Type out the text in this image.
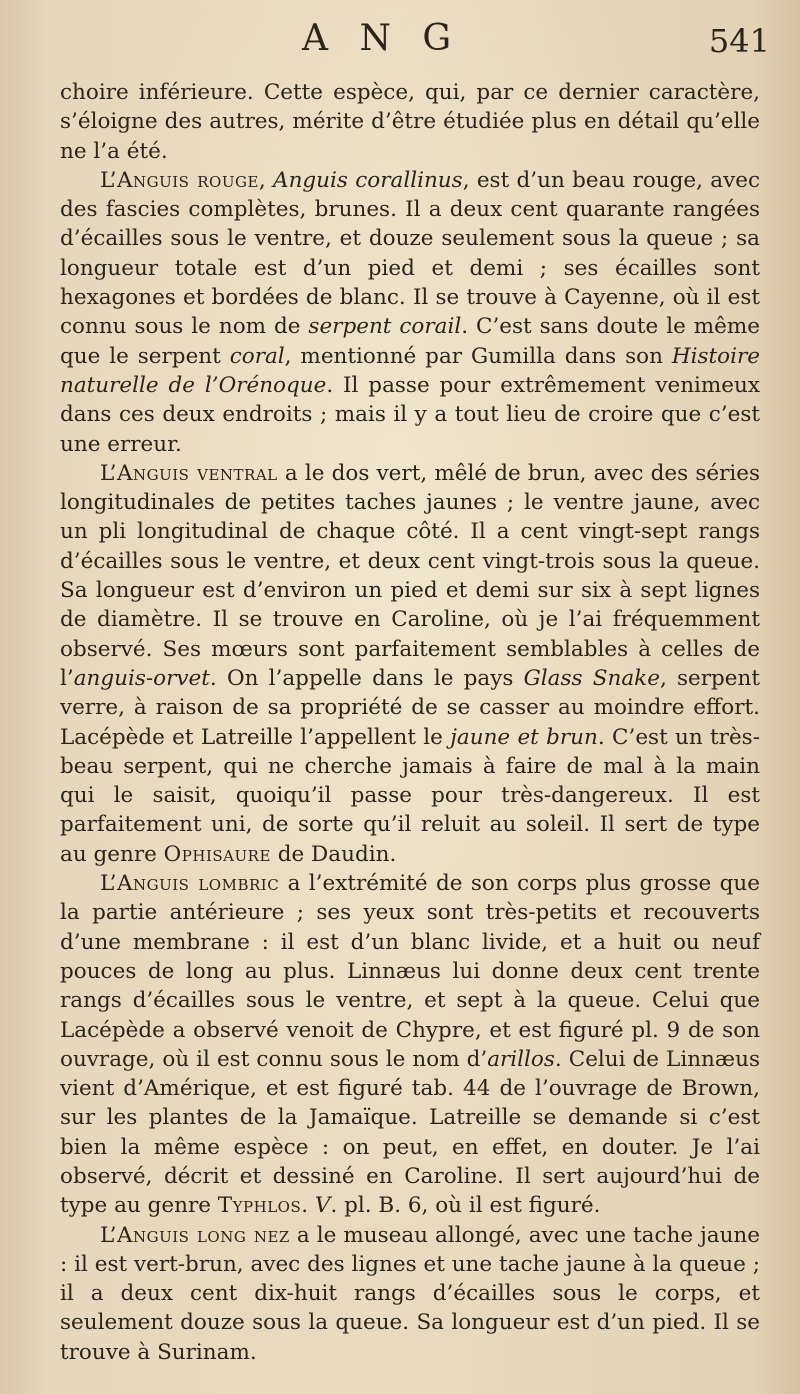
A N G	541

choire inférieure. Cette espèce, qui, par ce dernier caractère, s’éloigne des autres, mérite d’être étudiée plus en détail qu’elle ne l’a été.

L’Anguis rouge, Anguis corallinus, est d’un beau rouge, avec des fascies complètes, brunes. Il a deux cent quarante rangées d’écailles sous le ventre, et douze seulement sous la queue ; sa longueur totale est d’un pied et demi ; ses écailles sont hexagones et bordées de blanc. Il se trouve à Cayenne, où il est connu sous le nom de serpent corail. C’est sans doute le même que le serpent coral, mentionné par Gumilla dans son Histoire naturelle de l’Orénoque. Il passe pour extrêmement venimeux dans ces deux endroits ; mais il y a tout lieu de croire que c’est une erreur.

L’Anguis ventral a le dos vert, mêlé de brun, avec des séries longitudinales de petites taches jaunes ; le ventre jaune, avec un pli longitudinal de chaque côté. Il a cent vingt-sept rangs d’écailles sous le ventre, et deux cent vingt-trois sous la queue. Sa longueur est d’environ un pied et demi sur six à sept lignes de diamètre. Il se trouve en Caroline, où je l’ai fréquemment observé. Ses mœurs sont parfaitement semblables à celles de l’anguis-orvet. On l’appelle dans le pays Glass Snake, serpent verre, à raison de sa propriété de se casser au moindre effort. Lacépède et Latreille l’appellent le jaune et brun. C’est un très-beau serpent, qui ne cherche jamais à faire de mal à la main qui le saisit, quoiqu’il passe pour très-dangereux. Il est parfaitement uni, de sorte qu’il reluit au soleil. Il sert de type au genre Ophisaure de Daudin.

L’Anguis lombric a l’extrémité de son corps plus grosse que la partie antérieure ; ses yeux sont très-petits et recouverts d’une membrane : il est d’un blanc livide, et a huit ou neuf pouces de long au plus. Linnæus lui donne deux cent trente rangs d’écailles sous le ventre, et sept à la queue. Celui que Lacépède a observé venoit de Chypre, et est figuré pl. 9 de son ouvrage, où il est connu sous le nom d’arillos. Celui de Linnæus vient d’Amérique, et est figuré tab. 44 de l’ouvrage de Brown, sur les plantes de la Jamaïque. Latreille se demande si c’est bien la même espèce : on peut, en effet, en douter. Je l’ai observé, décrit et dessiné en Caroline. Il sert aujourd’hui de type au genre Typhlos. V. pl. B. 6, où il est figuré.

L’Anguis long nez a le museau allongé, avec une tache jaune : il est vert-brun, avec des lignes et une tache jaune à la queue ; il a deux cent dix-huit rangs d’écailles sous le corps, et seulement douze sous la queue. Sa longueur est d’un pied. Il se trouve à Surinam.
